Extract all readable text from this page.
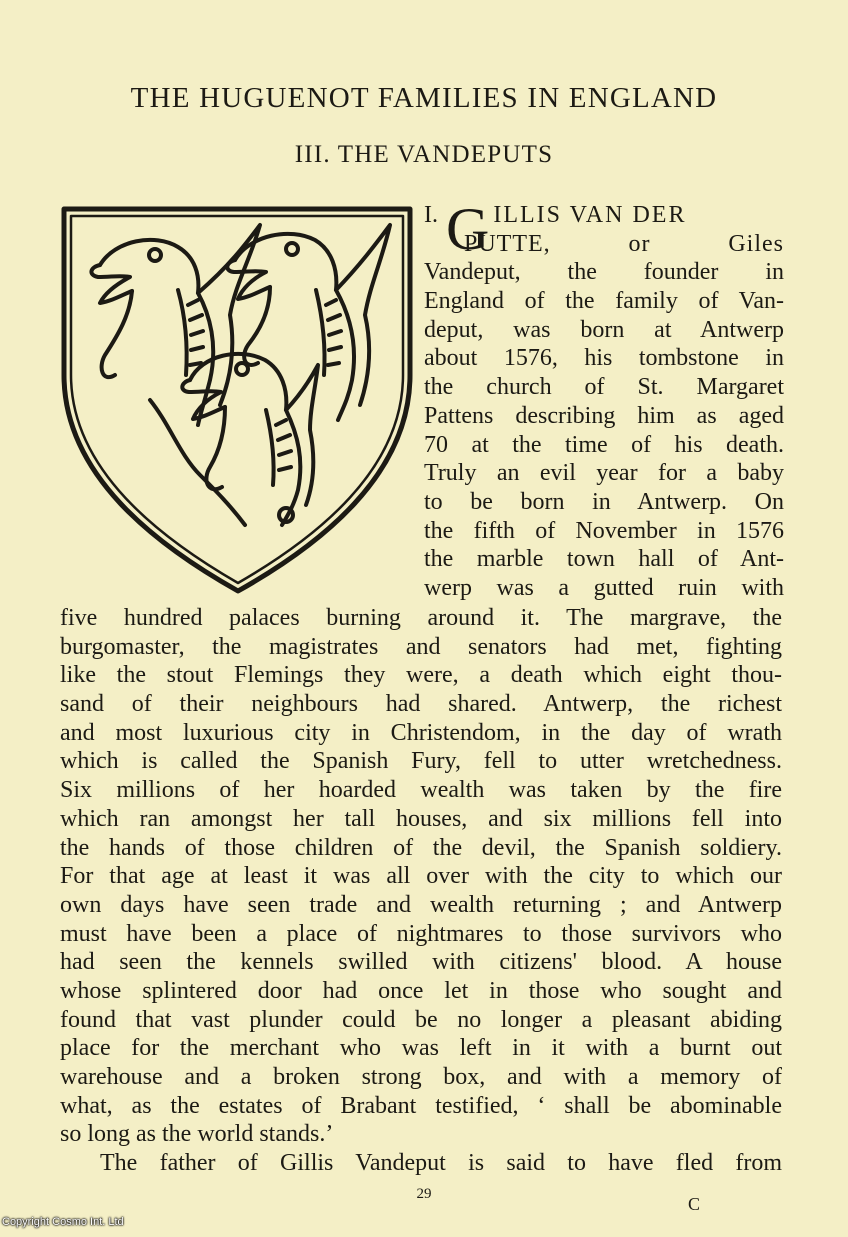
THE HUGUENOT FAMILIES IN ENGLAND
III. THE VANDEPUTS
I. G ILLIS VAN DER
PUTTE, or Giles
Vandeput, the founder in
England of the family of Van-
deput, was born at Antwerp
about 1576, his tombstone in
the church of St. Margaret
Pattens describing him as aged
70 at the time of his death.
Truly an evil year for a baby
to be born in Antwerp. On
the fifth of November in 1576
the marble town hall of Ant-
werp was a gutted ruin with
five hundred palaces burning around it. The margrave, the
burgomaster, the magistrates and senators had met, fighting
like the stout Flemings they were, a death which eight thou-
sand of their neighbours had shared. Antwerp, the richest
and most luxurious city in Christendom, in the day of wrath
which is called the Spanish Fury, fell to utter wretchedness.
Six millions of her hoarded wealth was taken by the fire
which ran amongst her tall houses, and six millions fell into
the hands of those children of the devil, the Spanish soldiery.
For that age at least it was all over with the city to which our
own days have seen trade and wealth returning ; and Antwerp
must have been a place of nightmares to those survivors who
had seen the kennels swilled with citizens' blood. A house
whose splintered door had once let in those who sought and
found that vast plunder could be no longer a pleasant abiding
place for the merchant who was left in it with a burnt out
warehouse and a broken strong box, and with a memory of
what, as the estates of Brabant testified, ‘ shall be abominable
so long as the world stands.’
The father of Gillis Vandeput is said to have fled from
29	C
Copyright Cosmo Int. Ltd
